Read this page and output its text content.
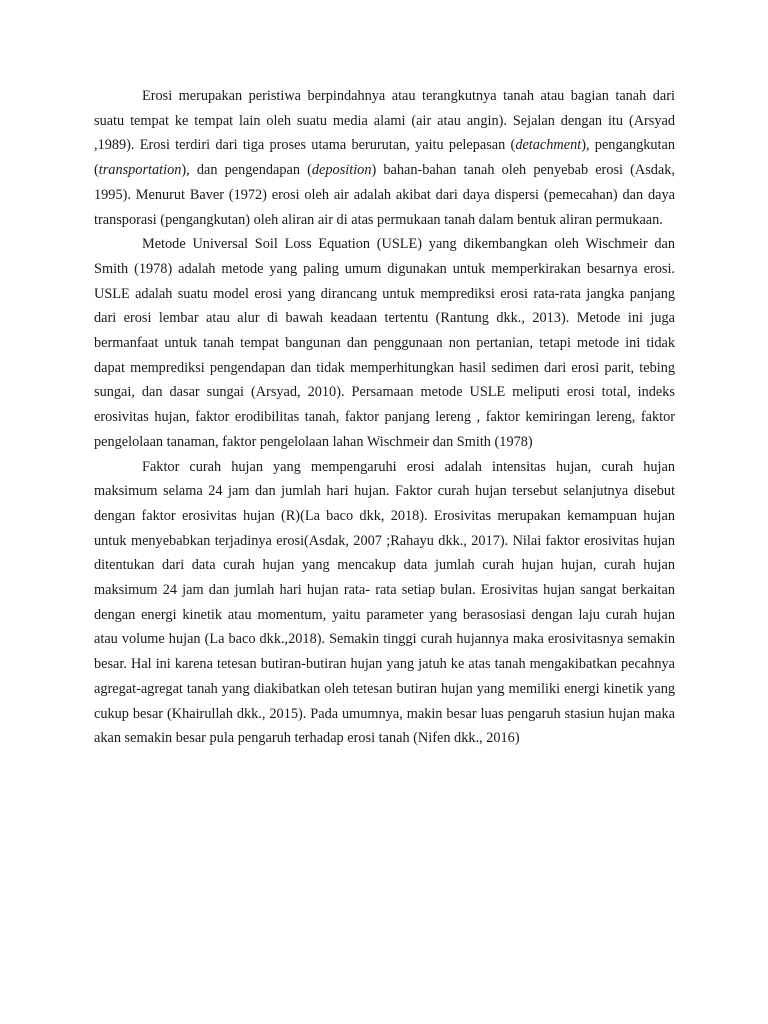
Erosi merupakan peristiwa berpindahnya atau terangkutnya tanah atau bagian tanah dari suatu tempat ke tempat lain oleh suatu media alami (air atau angin). Sejalan dengan itu (Arsyad ,1989). Erosi terdiri dari tiga proses utama berurutan, yaitu pelepasan (detachment), pengangkutan (transportation), dan pengendapan (deposition) bahan-bahan tanah oleh penyebab erosi (Asdak, 1995). Menurut Baver (1972) erosi oleh air adalah akibat dari daya dispersi (pemecahan) dan daya transporasi (pengangkutan) oleh aliran air di atas permukaan tanah dalam bentuk aliran permukaan.

Metode Universal Soil Loss Equation (USLE) yang dikembangkan oleh Wischmeir dan Smith (1978) adalah metode yang paling umum digunakan untuk memperkirakan besarnya erosi. USLE adalah suatu model erosi yang dirancang untuk memprediksi erosi rata-rata jangka panjang dari erosi lembar atau alur di bawah keadaan tertentu (Rantung dkk., 2013). Metode ini juga bermanfaat untuk tanah tempat bangunan dan penggunaan non pertanian, tetapi metode ini tidak dapat memprediksi pengendapan dan tidak memperhitungkan hasil sedimen dari erosi parit, tebing sungai, dan dasar sungai (Arsyad, 2010). Persamaan metode USLE meliputi erosi total, indeks erosivitas hujan, faktor erodibilitas tanah, faktor panjang lereng , faktor kemiringan lereng, faktor pengelolaan tanaman, faktor pengelolaan lahan Wischmeir dan Smith (1978)

Faktor curah hujan yang mempengaruhi erosi adalah intensitas hujan, curah hujan maksimum selama 24 jam dan jumlah hari hujan. Faktor curah hujan tersebut selanjutnya disebut dengan faktor erosivitas hujan (R)(La baco dkk, 2018). Erosivitas merupakan kemampuan hujan untuk menyebabkan terjadinya erosi(Asdak, 2007 ;Rahayu dkk., 2017). Nilai faktor erosivitas hujan ditentukan dari data curah hujan yang mencakup data jumlah curah hujan hujan, curah hujan maksimum 24 jam dan jumlah hari hujan rata- rata setiap bulan. Erosivitas hujan sangat berkaitan dengan energi kinetik atau momentum, yaitu parameter yang berasosiasi dengan laju curah hujan atau volume hujan (La baco dkk.,2018). Semakin tinggi curah hujannya maka erosivitasnya semakin besar. Hal ini karena tetesan butiran-butiran hujan yang jatuh ke atas tanah mengakibatkan pecahnya agregat-agregat tanah yang diakibatkan oleh tetesan butiran hujan yang memiliki energi kinetik yang cukup besar (Khairullah dkk., 2015). Pada umumnya, makin besar luas pengaruh stasiun hujan maka akan semakin besar pula pengaruh terhadap erosi tanah (Nifen dkk., 2016)
